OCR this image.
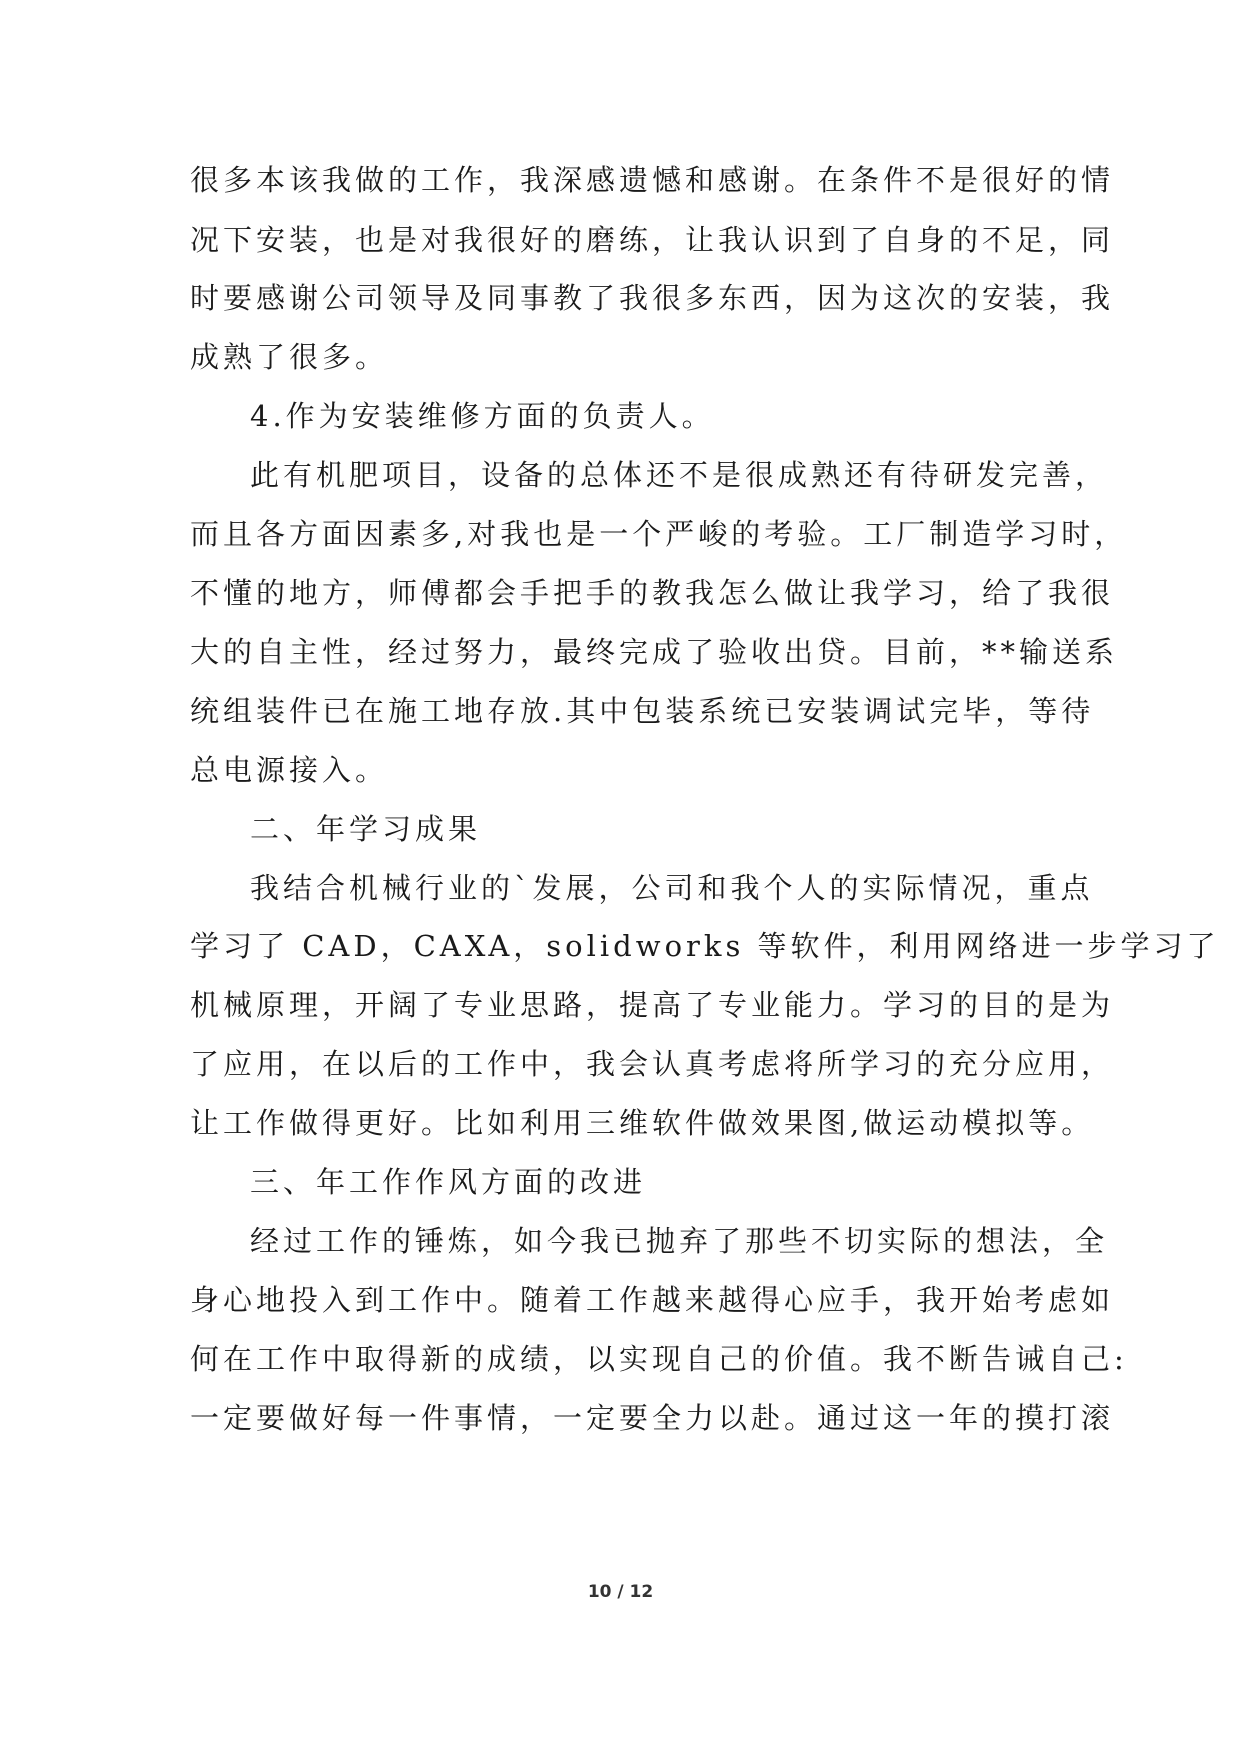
很多本该我做的工作，我深感遗憾和感谢。在条件不是很好的情
况下安装，也是对我很好的磨练，让我认识到了自身的不足，同
时要感谢公司领导及同事教了我很多东西，因为这次的安装，我
成熟了很多。
4.作为安装维修方面的负责人。
此有机肥项目，设备的总体还不是很成熟还有待研发完善，
而且各方面因素多,对我也是一个严峻的考验。工厂制造学习时，
不懂的地方，师傅都会手把手的教我怎么做让我学习，给了我很
大的自主性，经过努力，最终完成了验收出贷。目前，**输送系
统组装件已在施工地存放.其中包装系统已安装调试完毕，等待
总电源接入。
二、年学习成果
我结合机械行业的`发展，公司和我个人的实际情况，重点
学习了 CAD，CAXA，solidworks 等软件，利用网络进一步学习了
机械原理，开阔了专业思路，提高了专业能力。学习的目的是为
了应用，在以后的工作中，我会认真考虑将所学习的充分应用，
让工作做得更好。比如利用三维软件做效果图,做运动模拟等。
三、年工作作风方面的改进
经过工作的锤炼，如今我已抛弃了那些不切实际的想法，全
身心地投入到工作中。随着工作越来越得心应手，我开始考虑如
何在工作中取得新的成绩，以实现自己的价值。我不断告诫自己:
一定要做好每一件事情，一定要全力以赴。通过这一年的摸打滚
10 / 12
